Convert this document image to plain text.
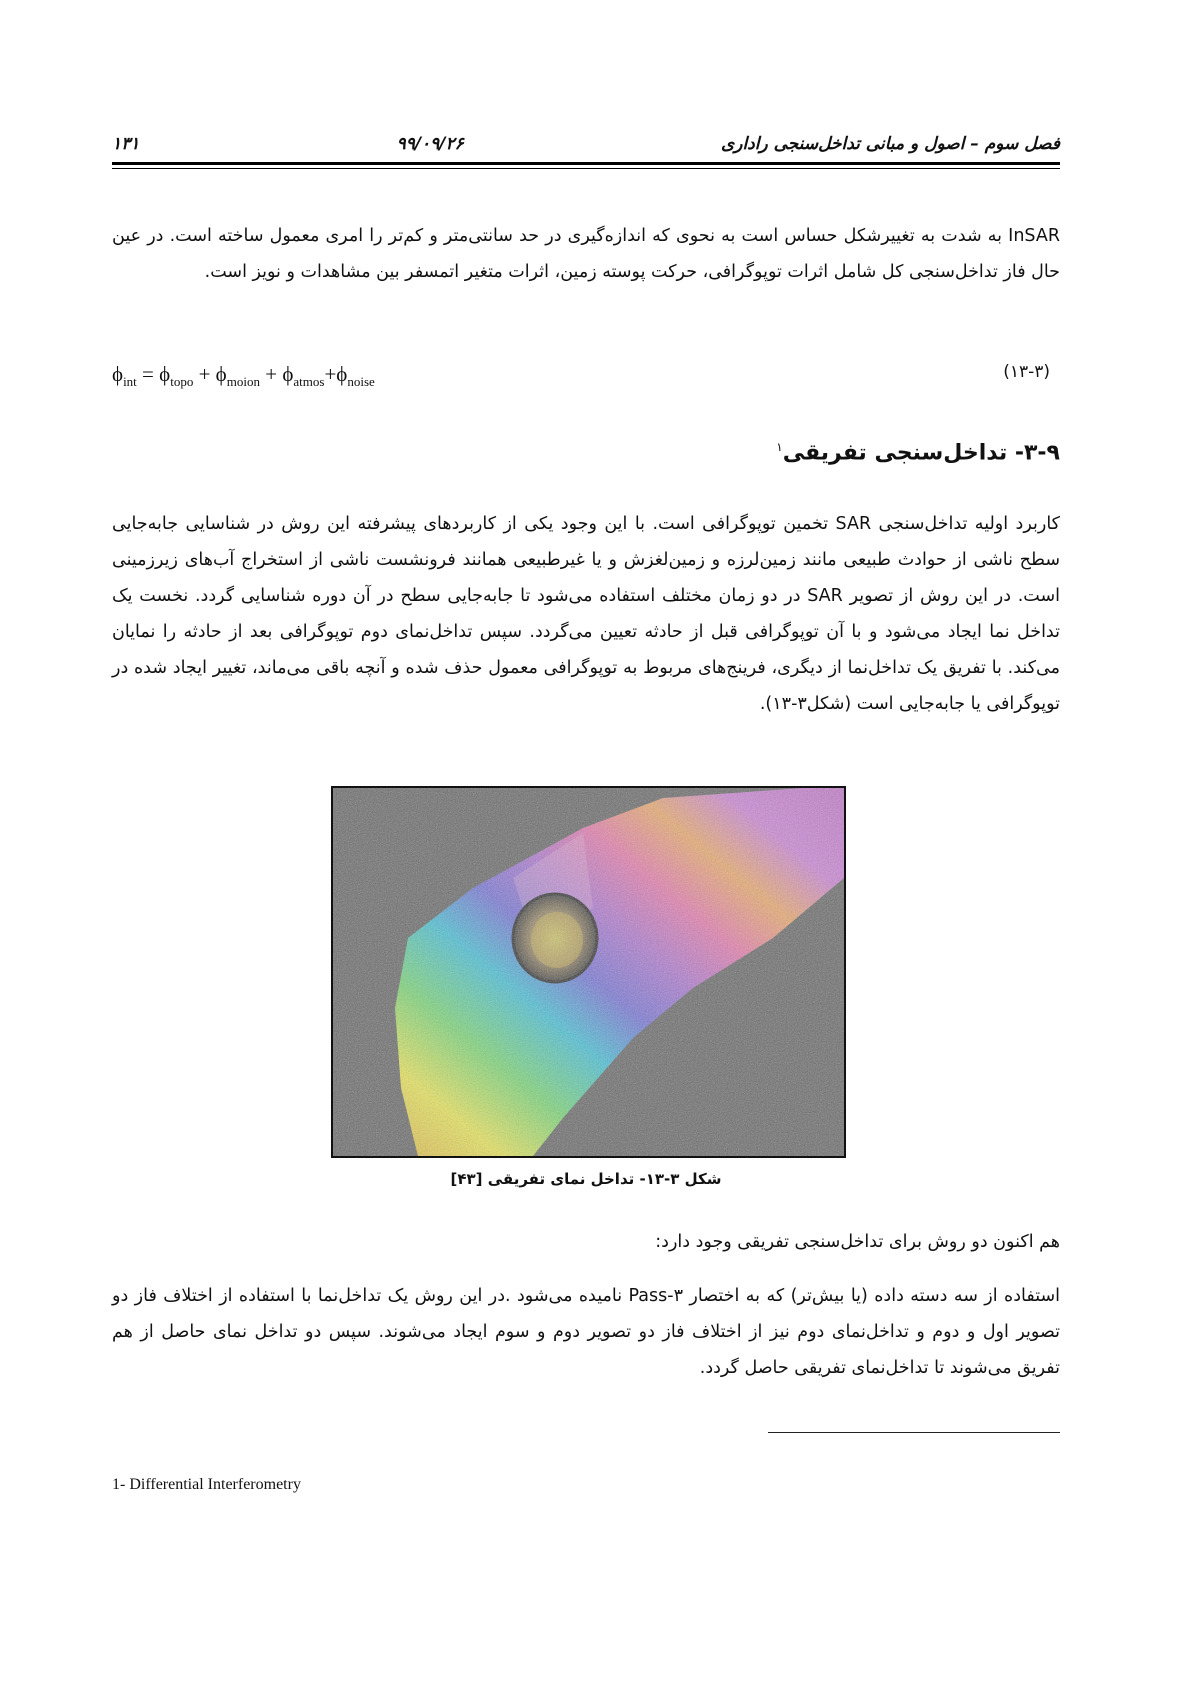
فصل سوم – اصول و مبانی تداخل‌سنجی راداری
۹۹/۰۹/۲۶
۱۳۱

InSAR به شدت به تغییرشکل حساس است به نحوی که اندازه‌گیری در حد سانتی‌متر و کم‌تر را امری معمول ساخته است. در عین حال فاز تداخل‌سنجی کل شامل اثرات توپوگرافی، حرکت پوسته زمین، اثرات متغیر اتمسفر بین مشاهدات و نویز است.

$\phi_{int} = \phi_{topo} + \phi_{moion} + \phi_{atmos}+\phi_{noise}$	(۱۳-۳)
۳-۹- تداخل‌سنجی تفریقی$^۱$

کاربرد اولیه تداخل‌سنجی SAR تخمین توپوگرافی است. با این وجود یکی از کاربردهای پیشرفته این روش در شناسایی جابه‌جایی سطح ناشی از حوادث طبیعی مانند زمین‌لرزه و زمین‌لغزش و یا غیرطبیعی همانند فرونشست ناشی از استخراج آب‌های زیرزمینی است. در این روش از تصویر SAR در دو زمان مختلف استفاده می‌شود تا جابه‌جایی سطح در آن دوره شناسایی گردد. نخست یک تداخل نما ایجاد می‌شود و با آن توپوگرافی قبل از حادثه تعیین می‌گردد. سپس تداخل‌نمای دوم توپوگرافی بعد از حادثه را نمایان می‌کند. با تفریق یک تداخل‌نما از دیگری، فرینج‌های مربوط به توپوگرافی معمول حذف شده و آنچه باقی می‌ماند، تغییر ایجاد شده در توپوگرافی یا جابه‌جایی است (شکل۳-۱۳).

شکل ۳-۱۳- تداخل نمای تفریقی [۴۳]

هم اکنون دو روش برای تداخل‌سنجی تفریقی وجود دارد:

استفاده از سه دسته داده (یا بیش‌تر) که به اختصار ۳-Pass نامیده می‌شود .در این روش یک تداخل‌نما با استفاده از اختلاف فاز دو تصویر اول و دوم و تداخل‌نمای دوم نیز از اختلاف فاز دو تصویر دوم و سوم ایجاد می‌شوند. سپس دو تداخل نمای حاصل از هم تفریق می‌شوند تا تداخل‌نمای تفریقی حاصل گردد.

1- Differential Interferometry
